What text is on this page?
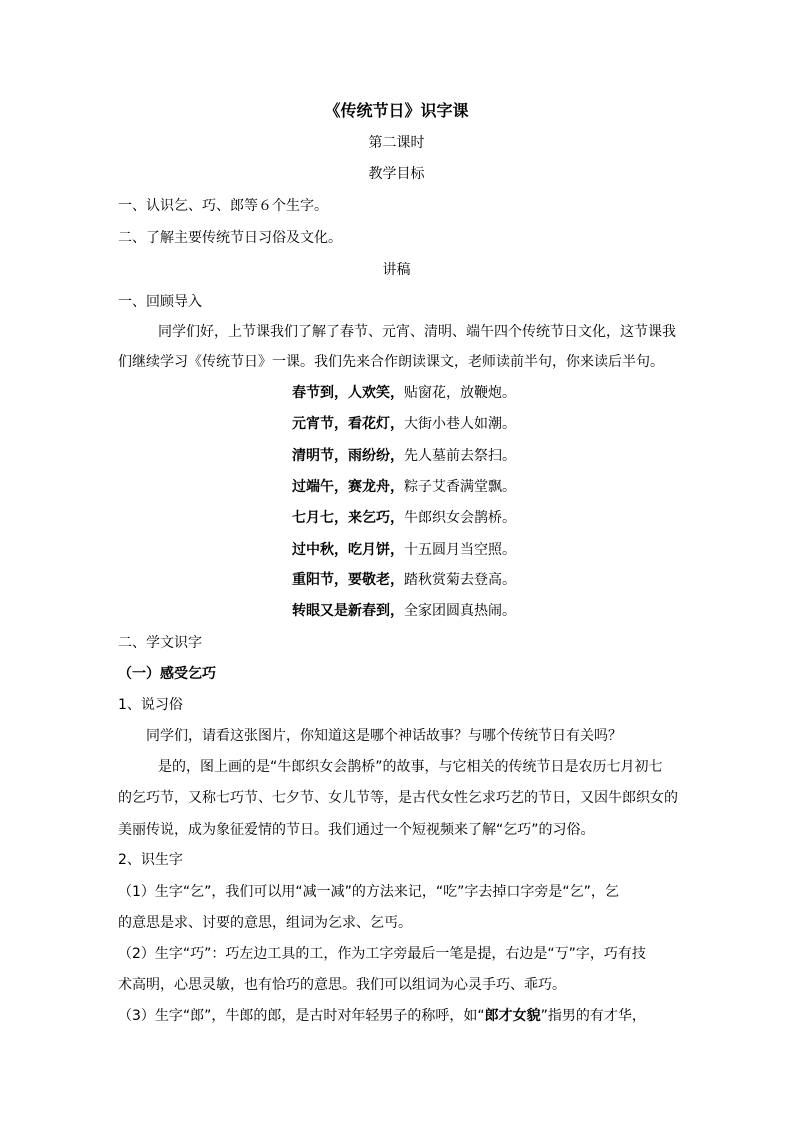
《传统节日》识字课
第二课时
教学目标
一、认识乞、巧、郎等６个生字。
二、了解主要传统节日习俗及文化。
讲稿
一、回顾导入
同学们好，上节课我们了解了春节、元宵、清明、端午四个传统节日文化，这节课我
们继续学习《传统节日》一课。我们先来合作朗读课文，老师读前半句，你来读后半句。
春节到，人欢笑，贴窗花，放鞭炮。
元宵节，看花灯，大街小巷人如潮。
清明节，雨纷纷，先人墓前去祭扫。
过端午，赛龙舟，粽子艾香满堂飘。
七月七，来乞巧，牛郎织女会鹊桥。
过中秋，吃月饼，十五圆月当空照。
重阳节，要敬老，踏秋赏菊去登高。
转眼又是新春到，全家团圆真热闹。
二、学文识字
（一）感受乞巧
1、说习俗
同学们，请看这张图片，你知道这是哪个神话故事？与哪个传统节日有关吗？
是的，图上画的是“牛郎织女会鹊桥”的故事，与它相关的传统节日是农历七月初七
的乞巧节，又称七巧节、七夕节、女儿节等，是古代女性乞求巧艺的节日，又因牛郎织女的
美丽传说，成为象征爱情的节日。我们通过一个短视频来了解“乞巧”的习俗。
2、识生字
（1）生字“乞”，我们可以用“减一减”的方法来记，“吃”字去掉口字旁是“乞”，乞
的意思是求、讨要的意思，组词为乞求、乞丐。
（2）生字“巧”：巧左边工具的工，作为工字旁最后一笔是提，右边是“丂”字，巧有技
术高明，心思灵敏，也有恰巧的意思。我们可以组词为心灵手巧、乖巧。
（3）生字“郎”，牛郎的郎，是古时对年轻男子的称呼，如“郎才女貌”指男的有才华，
